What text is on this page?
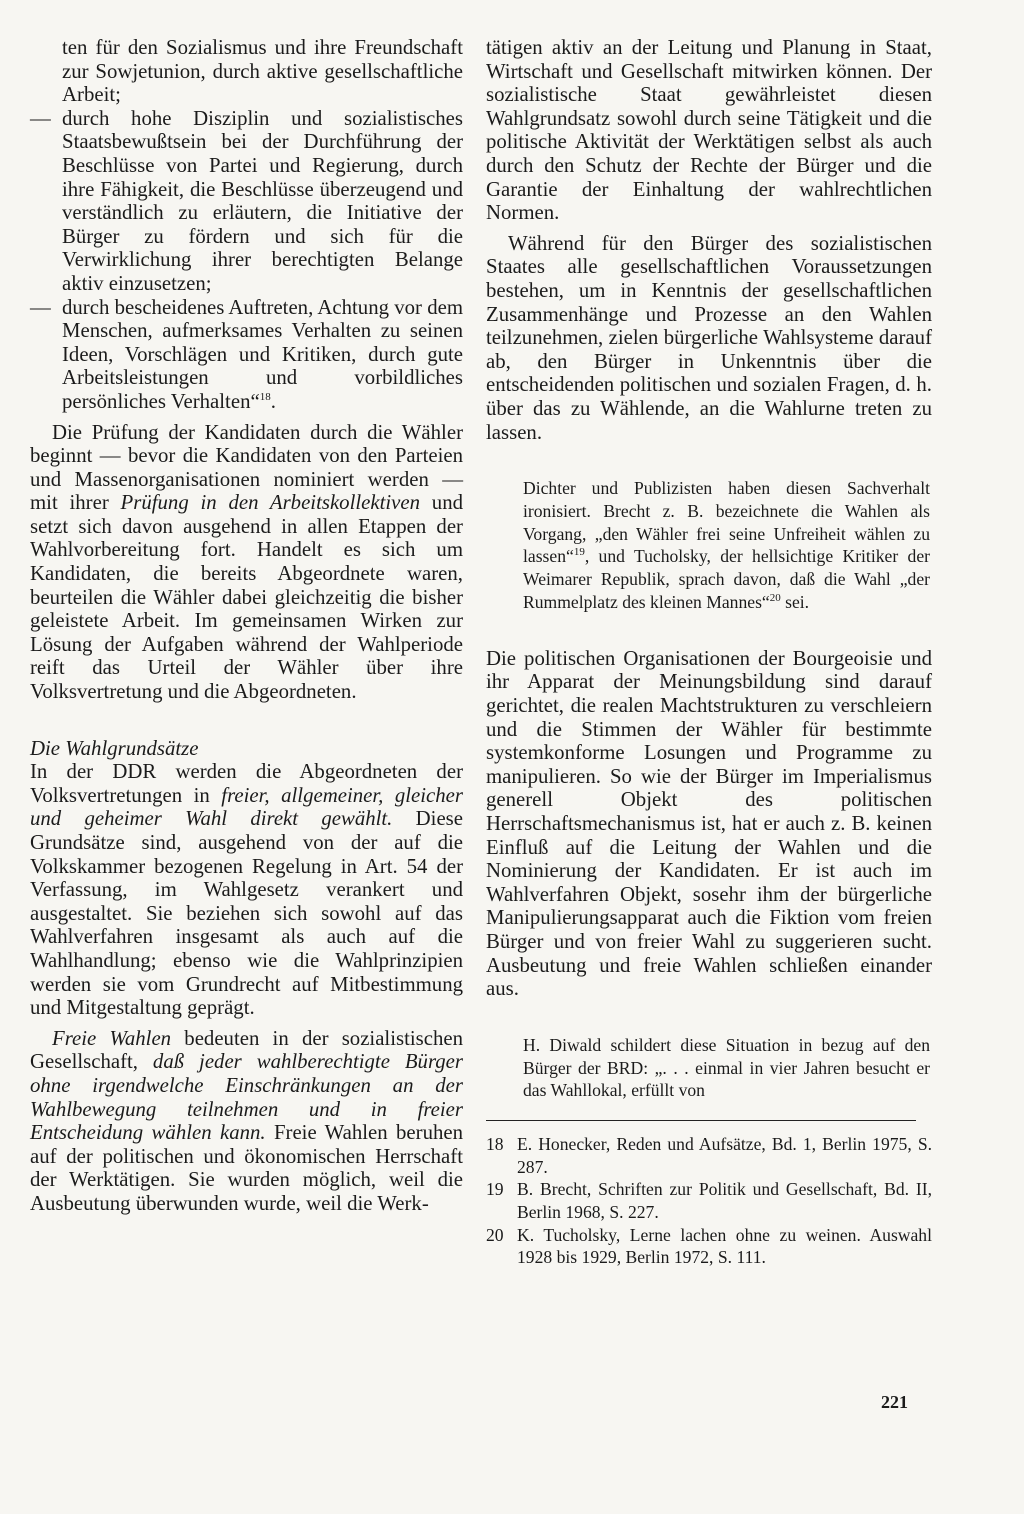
ten für den Sozialismus und ihre Freundschaft zur Sowjetunion, durch aktive gesellschaftliche Arbeit;

— durch hohe Disziplin und sozialistisches Staatsbewußtsein bei der Durchführung der Beschlüsse von Partei und Regierung, durch ihre Fähigkeit, die Beschlüsse überzeugend und verständlich zu erläutern, die Initiative der Bürger zu fördern und sich für die Verwirklichung ihrer berechtigten Belange aktiv einzusetzen;

— durch bescheidenes Auftreten, Achtung vor dem Menschen, aufmerksames Verhalten zu seinen Ideen, Vorschlägen und Kritiken, durch gute Arbeitsleistungen und vorbildliches persönliches Verhalten“$^{18}$.

Die Prüfung der Kandidaten durch die Wähler beginnt — bevor die Kandidaten von den Parteien und Massenorganisationen nominiert werden — mit ihrer Prüfung in den Arbeitskollektiven und setzt sich davon ausgehend in allen Etappen der Wahlvorbereitung fort. Handelt es sich um Kandidaten, die bereits Abgeordnete waren, beurteilen die Wähler dabei gleichzeitig die bisher geleistete Arbeit. Im gemeinsamen Wirken zur Lösung der Aufgaben während der Wahlperiode reift das Urteil der Wähler über ihre Volksvertretung und die Abgeordneten.

Die Wahlgrundsätze

In der DDR werden die Abgeordneten der Volksvertretungen in freier, allgemeiner, gleicher und geheimer Wahl direkt gewählt. Diese Grundsätze sind, ausgehend von der auf die Volkskammer bezogenen Regelung in Art. 54 der Verfassung, im Wahlgesetz verankert und ausgestaltet. Sie beziehen sich sowohl auf das Wahlverfahren insgesamt als auch auf die Wahlhandlung; ebenso wie die Wahlprinzipien werden sie vom Grundrecht auf Mitbestimmung und Mitgestaltung geprägt.

Freie Wahlen bedeuten in der sozialistischen Gesellschaft, daß jeder wahlberechtigte Bürger ohne irgendwelche Einschränkungen an der Wahlbewegung teilnehmen und in freier Entscheidung wählen kann. Freie Wahlen beruhen auf der politischen und ökonomischen Herrschaft der Werktätigen. Sie wurden möglich, weil die Ausbeutung überwunden wurde, weil die Werk-

tätigen aktiv an der Leitung und Planung in Staat, Wirtschaft und Gesellschaft mitwirken können. Der sozialistische Staat gewährleistet diesen Wahlgrundsatz sowohl durch seine Tätigkeit und die politische Aktivität der Werktätigen selbst als auch durch den Schutz der Rechte der Bürger und die Garantie der Einhaltung der wahlrechtlichen Normen.

Während für den Bürger des sozialistischen Staates alle gesellschaftlichen Voraussetzungen bestehen, um in Kenntnis der gesellschaftlichen Zusammenhänge und Prozesse an den Wahlen teilzunehmen, zielen bürgerliche Wahlsysteme darauf ab, den Bürger in Unkenntnis über die entscheidenden politischen und sozialen Fragen, d. h. über das zu Wählende, an die Wahlurne treten zu lassen.

Dichter und Publizisten haben diesen Sachverhalt ironisiert. Brecht z. B. bezeichnete die Wahlen als Vorgang, „den Wähler frei seine Unfreiheit wählen zu lassen“$^{19}$, und Tucholsky, der hellsichtige Kritiker der Weimarer Republik, sprach davon, daß die Wahl „der Rummelplatz des kleinen Mannes“$^{20}$ sei.

Die politischen Organisationen der Bourgeoisie und ihr Apparat der Meinungsbildung sind darauf gerichtet, die realen Machtstrukturen zu verschleiern und die Stimmen der Wähler für bestimmte systemkonforme Losungen und Programme zu manipulieren. So wie der Bürger im Imperialismus generell Objekt des politischen Herrschaftsmechanismus ist, hat er auch z. B. keinen Einfluß auf die Leitung der Wahlen und die Nominierung der Kandidaten. Er ist auch im Wahlverfahren Objekt, sosehr ihm der bürgerliche Manipulierungsapparat auch die Fiktion vom freien Bürger und von freier Wahl zu suggerieren sucht. Ausbeutung und freie Wahlen schließen einander aus.

H. Diwald schildert diese Situation in bezug auf den Bürger der BRD: „. . . einmal in vier Jahren besucht er das Wahllokal, erfüllt von

18 E. Honecker, Reden und Aufsätze, Bd. 1, Berlin 1975, S. 287.

19 B. Brecht, Schriften zur Politik und Gesellschaft, Bd. II, Berlin 1968, S. 227.

20 K. Tucholsky, Lerne lachen ohne zu weinen. Auswahl 1928 bis 1929, Berlin 1972, S. 111.

221
